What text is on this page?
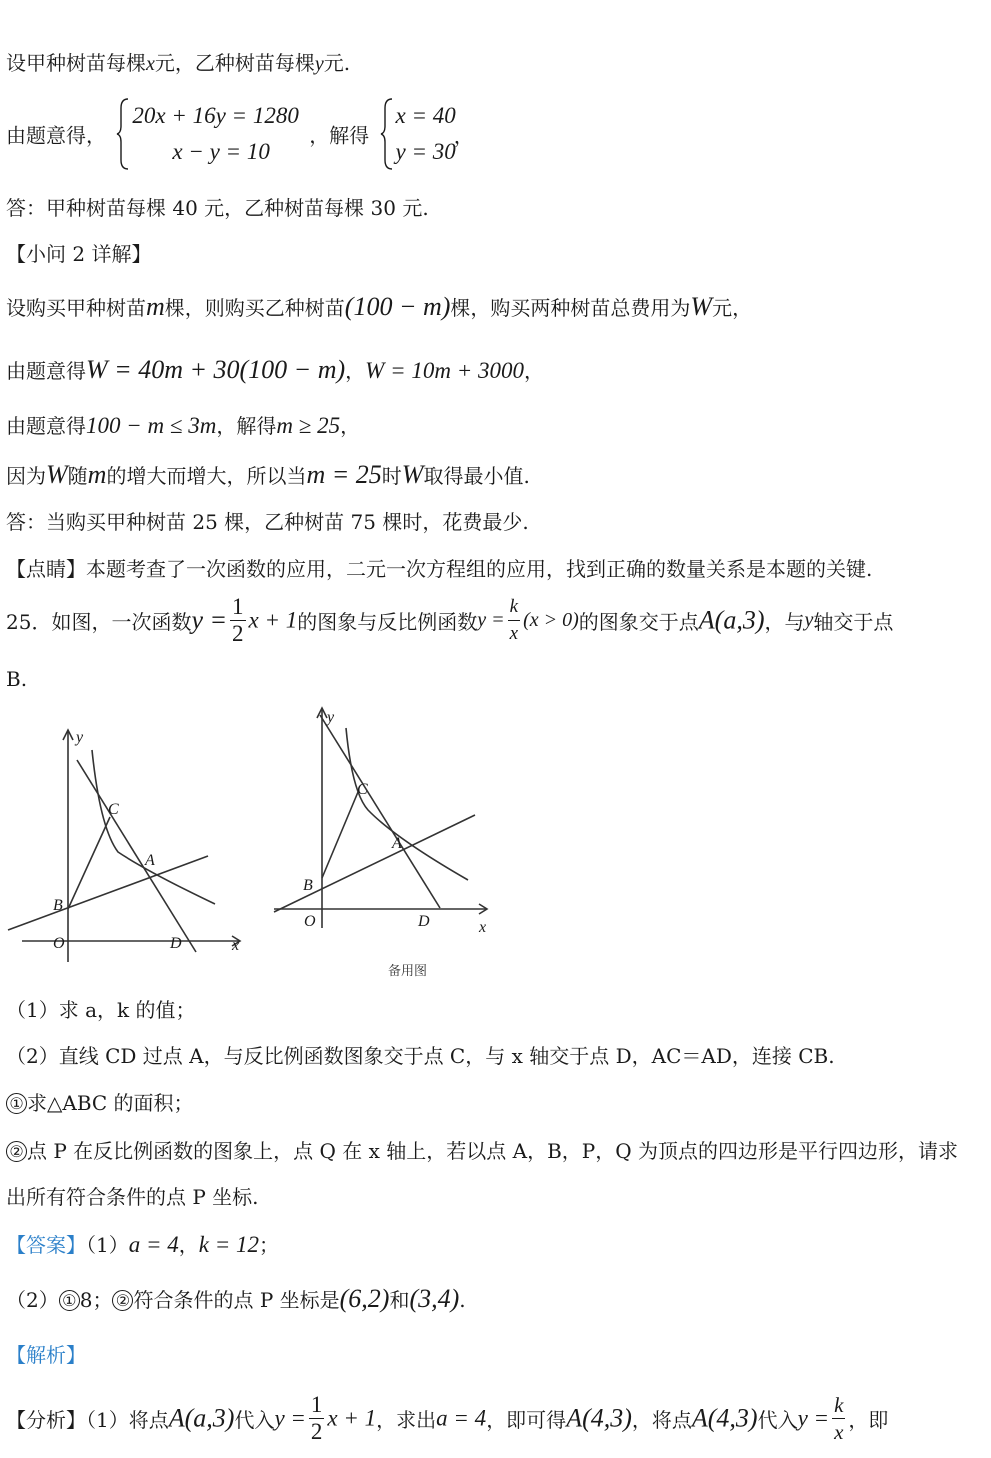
设甲种树苗每棵x元，乙种树苗每棵y元.
由题意得，
20x + 16y = 1280
x − y = 10
，解得
x = 40
y = 30
，
答：甲种树苗每棵 40 元，乙种树苗每棵 30 元.
【小问 2 详解】
设购买甲种树苗m棵，则购买乙种树苗(100 − m)棵，购买两种树苗总费用为W元，
由题意得W = 40m + 30(100 − m)，W = 10m + 3000，
由题意得100 − m ≤ 3m，解得m ≥ 25，
因为W随m的增大而增大，所以当m = 25时W取得最小值.
答：当购买甲种树苗 25 棵，乙种树苗 75 棵时，花费最少.
【点睛】本题考查了一次函数的应用，二元一次方程组的应用，找到正确的数量关系是本题的关键.
25．如图，一次函数$y = \frac{1}{2}$ x + 1的图象与反比例函数$y = \frac{k}{x} (x > 0)$的图象交于点A(a,3)，与y轴交于点
B.
y
x
C
A
B
O	D
y
x
C
A
B
O	D
备用图
（1）求 a，k 的值；
（2）直线 CD 过点 A，与反比例函数图象交于点 C，与 x 轴交于点 D，AC＝AD，连接 CB.
① 求△ABC 的面积；
② 点 P 在反比例函数的图象上，点 Q 在 x 轴上，若以点 A，B，P，Q 为顶点的四边形是平行四边形，请求
出所有符合条件的点 P 坐标.
【答案】（1）a = 4，k = 12；
（2） ① 8； ② 符合条件的点 P 坐标是(6,2)和(3,4).
【解析】
【分析】（1）将点A(a,3)代入$y = \frac{1}{2}$ x + 1，求出a = 4，即可得A(4,3)，将点A(4,3)代入$y = \frac{k}{x}$ ，即
